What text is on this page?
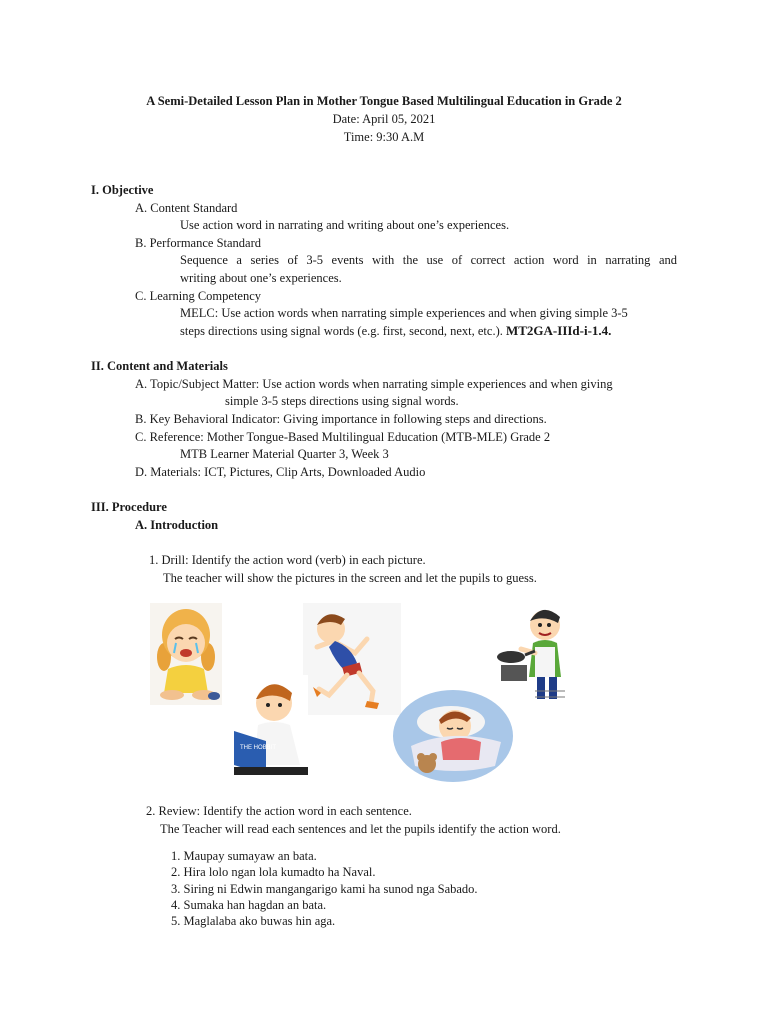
A Semi-Detailed Lesson Plan in Mother Tongue Based Multilingual Education in Grade 2
Date: April 05, 2021
Time: 9:30 A.M
I. Objective
A. Content Standard
Use action word in narrating and writing about one’s experiences.
B. Performance Standard
Sequence a series of 3-5 events with the use of correct action word in narrating and
writing about one’s experiences.
C. Learning Competency
MELC: Use action words when narrating simple experiences and when giving simple 3-5
steps directions using signal words (e.g. first, second, next, etc.). MT2GA-IIId-i-1.4.
II. Content and Materials
A. Topic/Subject Matter: Use action words when narrating simple experiences and when giving
simple 3-5 steps directions using signal words.
B. Key Behavioral Indicator: Giving importance in following steps and directions.
C. Reference: Mother Tongue-Based Multilingual Education (MTB-MLE) Grade 2
MTB Learner Material Quarter 3, Week 3
D. Materials: ICT, Pictures, Clip Arts, Downloaded Audio
III. Procedure
A. Introduction
1. Drill: Identify the action word (verb) in each picture.
The teacher will show the pictures in the screen and let the pupils to guess.
THE HOBBIT
2. Review: Identify the action word in each sentence.
The Teacher will read each sentences and let the pupils identify the action word.
1. Maupay sumayaw an bata.
2. Hira lolo ngan lola kumadto ha Naval.
3. Siring ni Edwin mangangarigo kami ha sunod nga Sabado.
4. Sumaka han hagdan an bata.
5. Maglalaba ako buwas hin aga.
